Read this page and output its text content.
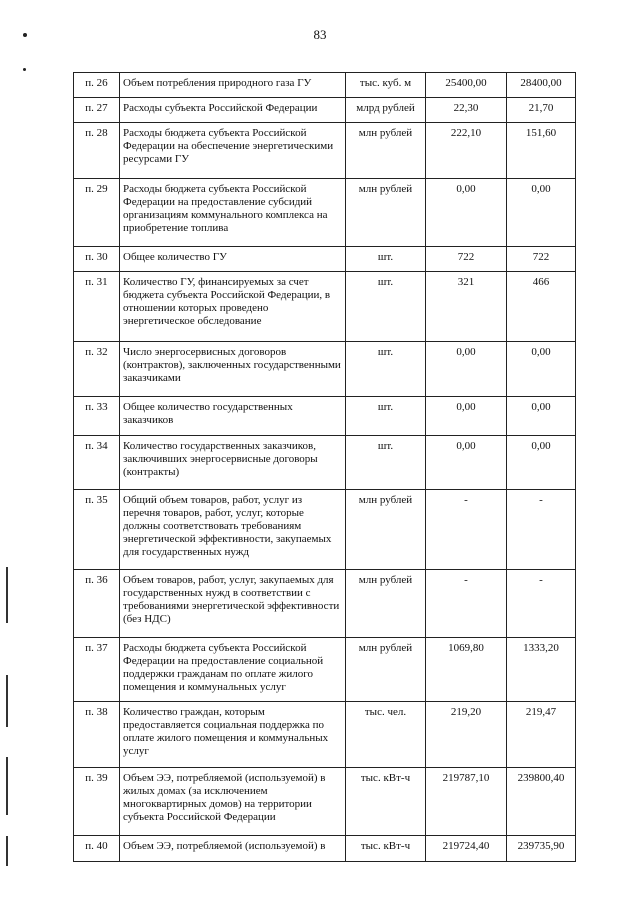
83
п. 26	Объем потребления природного газа ГУ	тыс. куб. м	25400,00	28400,00
п. 27	Расходы субъекта Российской Федерации	млрд рублей	22,30	21,70
п. 28	Расходы бюджета субъекта Российской Федерации на обеспечение энергетическими ресурсами ГУ	млн рублей	222,10	151,60
п. 29	Расходы бюджета субъекта Российской Федерации на предоставление субсидий организациям коммунального комплекса на приобретение топлива	млн рублей	0,00	0,00
п. 30	Общее количество ГУ	шт.	722	722
п. 31	Количество ГУ, финансируемых за счет бюджета субъекта Российской Федерации, в отношении которых проведено энергетическое обследование	шт.	321	466
п. 32	Число энергосервисных договоров (контрактов), заключенных государственными заказчиками	шт.	0,00	0,00
п. 33	Общее количество государственных заказчиков	шт.	0,00	0,00
п. 34	Количество государственных заказчиков, заключивших энергосервисные договоры (контракты)	шт.	0,00	0,00
п. 35	Общий объем товаров, работ, услуг из перечня товаров, работ, услуг, которые должны соответствовать требованиям энергетической эффективности, закупаемых для государственных нужд	млн рублей	-	-
п. 36	Объем товаров, работ, услуг, закупаемых для государственных нужд в соответствии с требованиями энергетической эффективности (без НДС)	млн рублей	-	-
п. 37	Расходы бюджета субъекта Российской Федерации на предоставление социальной поддержки гражданам по оплате жилого помещения и коммунальных услуг	млн рублей	1069,80	1333,20
п. 38	Количество граждан, которым предоставляется социальная поддержка по оплате жилого помещения и коммунальных услуг	тыс. чел.	219,20	219,47
п. 39	Объем ЭЭ, потребляемой (используемой) в жилых домах (за исключением многоквартирных домов) на территории субъекта Российской Федерации	тыс. кВт-ч	219787,10	239800,40
п. 40	Объем ЭЭ, потребляемой (используемой) в	тыс. кВт-ч	219724,40	239735,90
